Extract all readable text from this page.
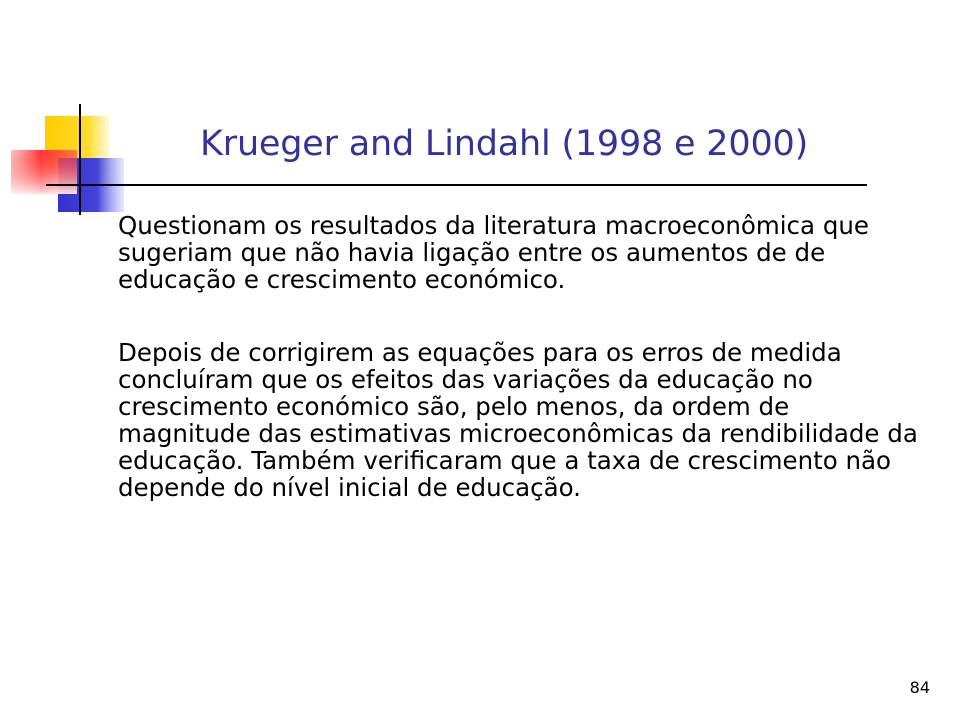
Krueger and Lindahl (1998 e 2000)

Questionam os resultados da literatura macroeconômica que sugeriam que não havia ligação entre os aumentos de de educação e crescimento económico.

Depois de corrigirem as equações para os erros de medida concluíram que os efeitos das variações da educação no crescimento económico são, pelo menos, da ordem de magnitude das estimativas microeconômicas da rendibilidade da educação. Também verificaram que a taxa de crescimento não depende do nível inicial de educação.

84
